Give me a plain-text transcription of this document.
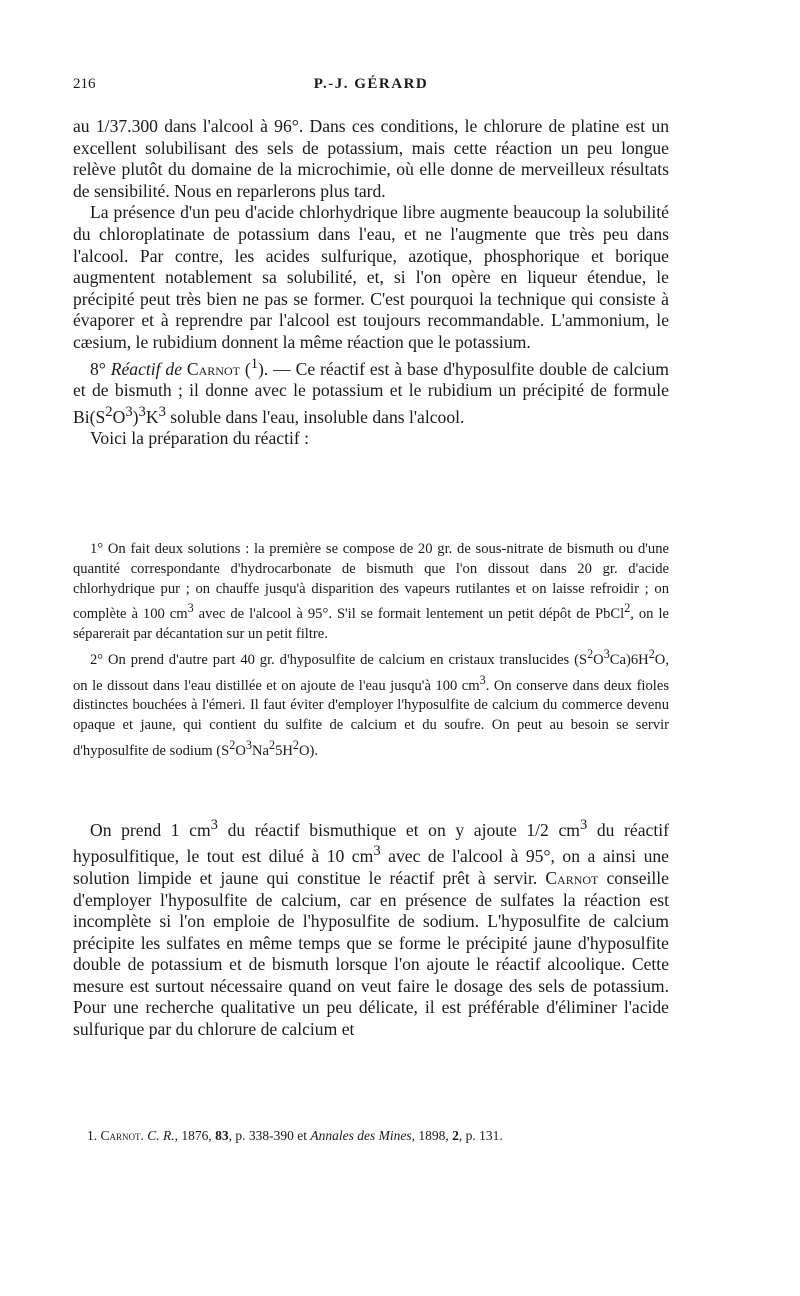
216	P.-J. GÉRARD

au 1/37.300 dans l'alcool à 96°. Dans ces conditions, le chlorure de platine est un excellent solubilisant des sels de potassium, mais cette réaction un peu longue relève plutôt du domaine de la microchimie, où elle donne de merveilleux résultats de sensibilité. Nous en reparlerons plus tard.

La présence d'un peu d'acide chlorhydrique libre augmente beaucoup la solubilité du chloroplatinate de potassium dans l'eau, et ne l'augmente que très peu dans l'alcool. Par contre, les acides sulfurique, azotique, phosphorique et borique augmentent notablement sa solubilité, et, si l'on opère en liqueur étendue, le précipité peut très bien ne pas se former. C'est pourquoi la technique qui consiste à évaporer et à reprendre par l'alcool est toujours recommandable. L'ammonium, le cæsium, le rubidium donnent la même réaction que le potassium.

8° Réactif de Carnot ($^1$). — Ce réactif est à base d'hyposulfite double de calcium et de bismuth ; il donne avec le potassium et le rubidium un précipité de formule $Bi(S^2O^3)^3K^3$ soluble dans l'eau, insoluble dans l'alcool.

Voici la préparation du réactif :

1° On fait deux solutions : la première se compose de 20 gr. de sous-nitrate de bismuth ou d'une quantité correspondante d'hydrocarbonate de bismuth que l'on dissout dans 20 gr. d'acide chlorhydrique pur ; on chauffe jusqu'à disparition des vapeurs rutilantes et on laisse refroidir ; on complète à 100 $cm^3$ avec de l'alcool à 95°. S'il se formait lentement un petit dépôt de PbCl$^2$, on le séparerait par décantation sur un petit filtre.

2° On prend d'autre part 40 gr. d'hyposulfite de calcium en cristaux translucides $(S^2O^3Ca)6H^2O$, on le dissout dans l'eau distillée et on ajoute de l'eau jusqu'à 100 $cm^3$. On conserve dans deux fioles distinctes bouchées à l'émeri. Il faut éviter d'employer l'hyposulfite de calcium du commerce devenu opaque et jaune, qui contient du sulfite de calcium et du soufre. On peut au besoin se servir d'hyposulfite de sodium $(S^2O^3Na^25H^2O)$.

On prend 1 $cm^3$ du réactif bismuthique et on y ajoute 1/2 $cm^3$ du réactif hyposulfitique, le tout est dilué à 10 $cm^3$ avec de l'alcool à 95°, on a ainsi une solution limpide et jaune qui constitue le réactif prêt à servir. Carnot conseille d'employer l'hyposulfite de calcium, car en présence de sulfates la réaction est incomplète si l'on emploie de l'hyposulfite de sodium. L'hyposulfite de calcium précipite les sulfates en même temps que se forme le précipité jaune d'hyposulfite double de potassium et de bismuth lorsque l'on ajoute le réactif alcoolique. Cette mesure est surtout nécessaire quand on veut faire le dosage des sels de potassium. Pour une recherche qualitative un peu délicate, il est préférable d'éliminer l'acide sulfurique par du chlorure de calcium et

1. Carnot. C. R., 1876, 83, p. 338-390 et Annales des Mines, 1898, 2, p. 131.
